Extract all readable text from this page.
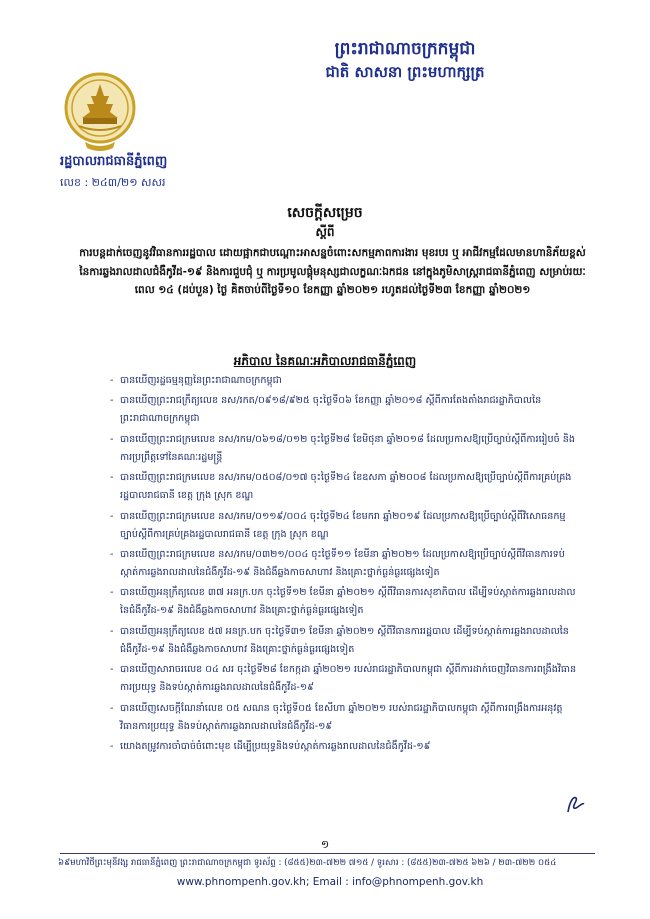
ព្រះរាជាណាចក្រកម្ពុជា
ជាតិ សាសនា ព្រះមហាក្សត្រ
រដ្ឋបាលរាជធានីភ្នំពេញ
លេខ : ២៤៣/២១ សសរ
សេចក្ដីសម្រេច
ស្ដីពី
ការបន្តដាក់ចេញនូវវិធានការរដ្ឋបាល ដោយផ្អាកជាបណ្ដោះអាសន្នចំពោះសកម្មភាពការងារ មុខរបរ ឬ អាជីវកម្មដែលមានហានិភ័យខ្ពស់នៃការឆ្លងរាលដាលជំងឺកូវីដ-១៩ និងការជួបជុំ ឬ ការប្រមូលផ្ដុំមនុស្សជាលក្ខណៈឯកជន នៅក្នុងភូមិសាស្ត្ររាជធានីភ្នំពេញ សម្រាប់រយៈពេល ១៤ (ដប់បួន) ថ្ងៃ គិតចាប់ពីថ្ងៃទី១០ ខែកញ្ញា ឆ្នាំ២០២១ រហូតដល់ថ្ងៃទី២៣ ខែកញ្ញា ឆ្នាំ២០២១
អភិបាល នៃគណៈអភិបាលរាជធានីភ្នំពេញ
- បានឃើញរដ្ឋធម្មនុញ្ញនៃព្រះរាជាណាចក្រកម្ពុជា
- បានឃើញព្រះរាជក្រឹត្យលេខ នស/រកត/០៩១៨/៩២៥ ចុះថ្ងៃទី០៦ ខែកញ្ញា ឆ្នាំ២០១៨ ស្ដីពីការតែងតាំងរាជរដ្ឋាភិបាលនៃព្រះរាជាណាចក្រកម្ពុជា
- បានឃើញព្រះរាជក្រមលេខ នស/រកម/០៦១៨/០១២ ចុះថ្ងៃទី២៨ ខែមិថុនា ឆ្នាំ២០១៨ ដែលប្រកាសឱ្យប្រើច្បាប់ស្ដីពីការរៀបចំ និងការប្រព្រឹត្តទៅនៃគណៈរដ្ឋមន្ត្រី
- បានឃើញព្រះរាជក្រមលេខ នស/រកម/០៥០៨/០១៧ ចុះថ្ងៃទី២៤ ខែឧសភា ឆ្នាំ២០០៨ ដែលប្រកាសឱ្យប្រើច្បាប់ស្ដីពីការគ្រប់គ្រងរដ្ឋបាលរាជធានី ខេត្ត ក្រុង ស្រុក ខណ្ឌ
- បានឃើញព្រះរាជក្រមលេខ នស/រកម/០១១៩/០០៤ ចុះថ្ងៃទី២៤ ខែមករា ឆ្នាំ២០១៩ ដែលប្រកាសឱ្យប្រើច្បាប់ស្ដីពីវិសោធនកម្មច្បាប់ស្ដីពីការគ្រប់គ្រងរដ្ឋបាលរាជធានី ខេត្ត ក្រុង ស្រុក ខណ្ឌ
- បានឃើញព្រះរាជក្រមលេខ នស/រកម/០៣២១/០០៤ ចុះថ្ងៃទី១១ ខែមីនា ឆ្នាំ២០២១ ដែលប្រកាសឱ្យប្រើច្បាប់ស្ដីពីវិធានការទប់ស្កាត់ការឆ្លងរាលដាលនៃជំងឺកូវីដ-១៩ និងជំងឺឆ្លងកាចសាហាវ និងគ្រោះថ្នាក់ធ្ងន់ធ្ងរផ្សេងទៀត
- បានឃើញអនុក្រឹត្យលេខ ៣៧ អនក្រ.បក ចុះថ្ងៃទី១២ ខែមីនា ឆ្នាំ២០២១ ស្ដីពីវិធានការសុខាភិបាល ដើម្បីទប់ស្កាត់ការឆ្លងរាលដាលនៃជំងឺកូវីដ-១៩ និងជំងឺឆ្លងកាចសាហាវ និងគ្រោះថ្នាក់ធ្ងន់ធ្ងរផ្សេងទៀត
- បានឃើញអនុក្រឹត្យលេខ ៥៧ អនក្រ.បក ចុះថ្ងៃទី៣១ ខែមីនា ឆ្នាំ២០២១ ស្ដីពីវិធានការរដ្ឋបាល ដើម្បីទប់ស្កាត់ការឆ្លងរាលដាលនៃជំងឺកូវីដ-១៩ និងជំងឺឆ្លងកាចសាហាវ និងគ្រោះថ្នាក់ធ្ងន់ធ្ងរផ្សេងទៀត
- បានឃើញសារាចរលេខ ០៤ សរ ចុះថ្ងៃទី២៨ ខែកក្កដា ឆ្នាំ២០២១ របស់រាជរដ្ឋាភិបាលកម្ពុជា ស្ដីពីការដាក់ចេញវិធានការពង្រឹងវិធានការប្រយុទ្ធ និងទប់ស្កាត់ការឆ្លងរាលដាលនៃជំងឺកូវីដ-១៩
- បានឃើញសេចក្ដីណែនាំលេខ ០៥ សណន ចុះថ្ងៃទី០៥ ខែសីហា ឆ្នាំ២០២១ របស់រាជរដ្ឋាភិបាលកម្ពុជា ស្ដីពីការពង្រឹងការអនុវត្តវិធានការប្រយុទ្ធ និងទប់ស្កាត់ការឆ្លងរាលដាលនៃជំងឺកូវីដ-១៩
- យោងតម្រូវការចាំបាច់ចំពោះមុខ ដើម្បីប្រយុទ្ធនិងទប់ស្កាត់ការឆ្លងរាលដាលនៃជំងឺកូវីដ-១៩
១
៦៩មហាវិថីព្រះមុនីវង្ស រាជធានីភ្នំពេញ ព្រះរាជាណាចក្រកម្ពុជា ទូរស័ព្ទ : (៨៥៥)២៣-៧២២ ៧១៥ / ទូរសារ : (៨៥៥)២៣-៧២៥ ៦២៦ / ២៣-៧២២ ០៥៤
www.phnompenh.gov.kh; Email : info@phnompenh.gov.kh
